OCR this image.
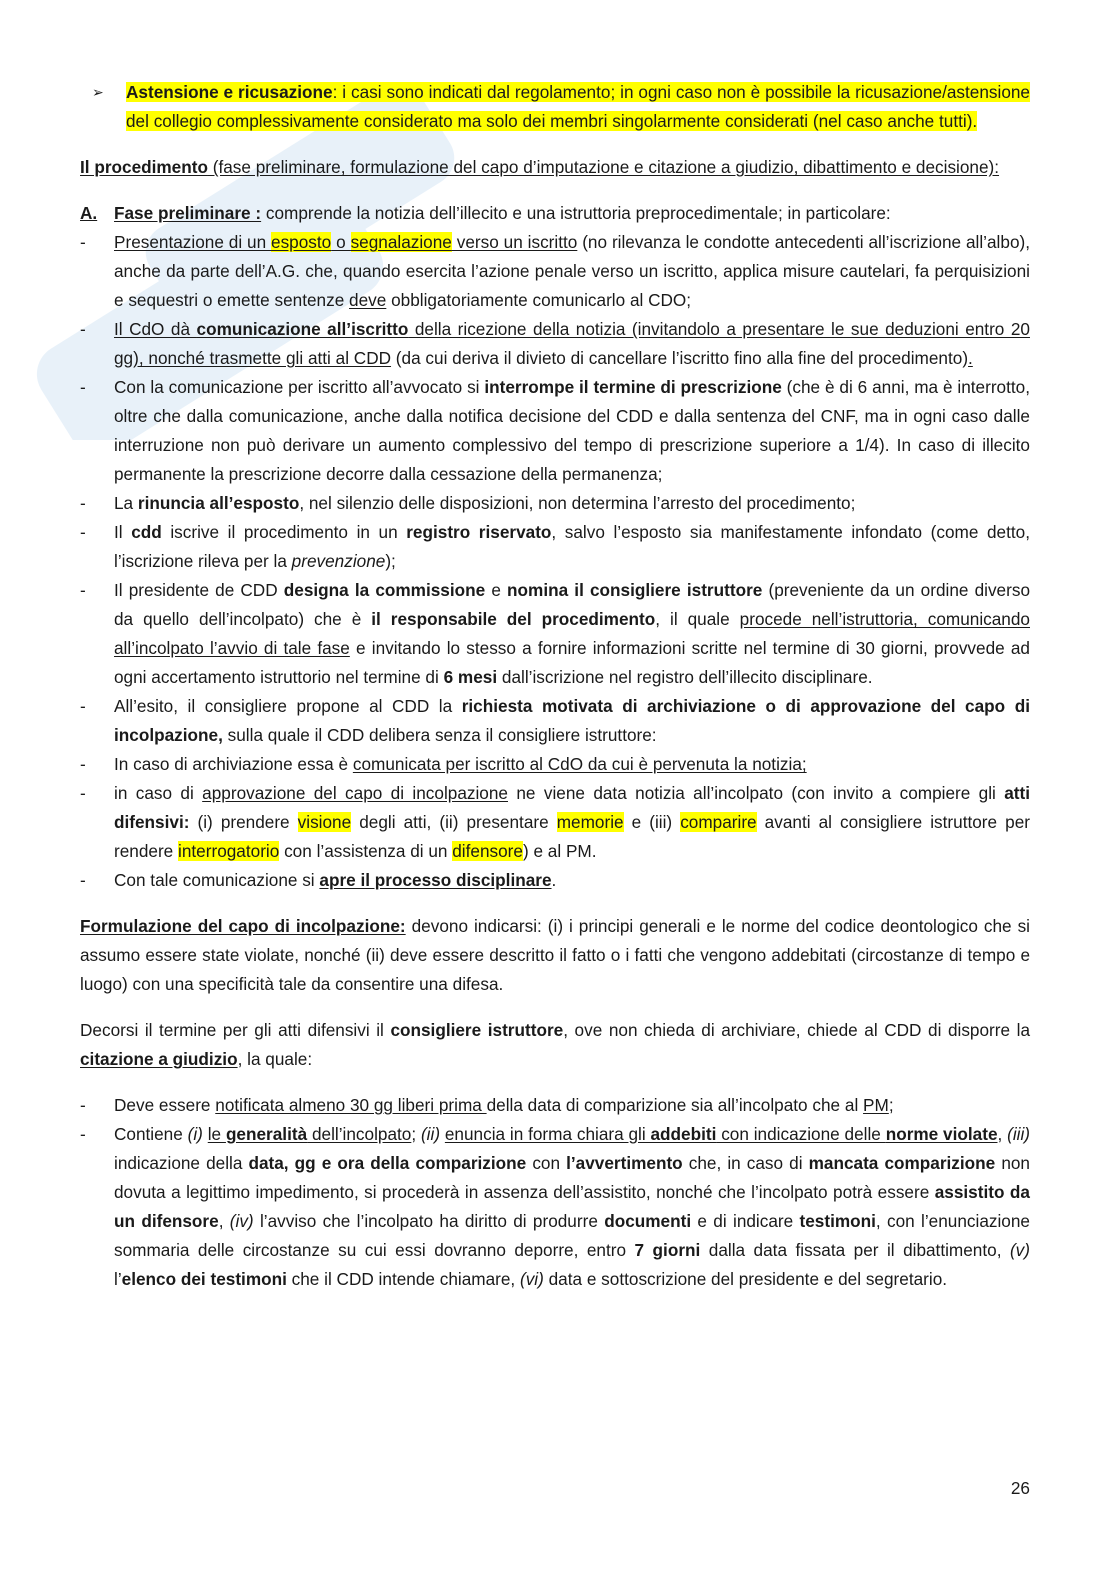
➢	Astensione e ricusazione: i casi sono indicati dal regolamento; in ogni caso non è possibile la ricusazione/astensione del collegio complessivamente considerato ma solo dei membri singolarmente considerati (nel caso anche tutti).

Il procedimento (fase preliminare, formulazione del capo d’imputazione e citazione a giudizio, dibattimento e decisione):

A. Fase preliminare : comprende la notizia dell’illecito e una istruttoria preprocedimentale; in particolare:
-	Presentazione di un esposto o segnalazione verso un iscritto (no rilevanza le condotte antecedenti all’iscrizione all’albo), anche da parte dell’A.G. che, quando esercita l’azione penale verso un iscritto, applica misure cautelari, fa perquisizioni e sequestri o emette sentenze deve obbligatoriamente comunicarlo al CDO;
-	Il CdO dà comunicazione all’iscritto della ricezione della notizia (invitandolo a presentare le sue deduzioni entro 20 gg), nonché trasmette gli atti al CDD (da cui deriva il divieto di cancellare l’iscritto fino alla fine del procedimento).
-	Con la comunicazione per iscritto all’avvocato si interrompe il termine di prescrizione (che è di 6 anni, ma è interrotto, oltre che dalla comunicazione, anche dalla notifica decisione del CDD e dalla sentenza del CNF, ma in ogni caso dalle interruzione non può derivare un aumento complessivo del tempo di prescrizione superiore a 1/4). In caso di illecito permanente la prescrizione decorre dalla cessazione della permanenza;
-	La rinuncia all’esposto, nel silenzio delle disposizioni, non determina l’arresto del procedimento;
-	Il cdd iscrive il procedimento in un registro riservato, salvo l’esposto sia manifestamente infondato (come detto, l’iscrizione rileva per la prevenzione);
-	Il presidente de CDD designa la commissione e nomina il consigliere istruttore (preveniente da un ordine diverso da quello dell’incolpato) che è il responsabile del procedimento, il quale procede nell’istruttoria, comunicando all’incolpato l’avvio di tale fase e invitando lo stesso a fornire informazioni scritte nel termine di 30 giorni, provvede ad ogni accertamento istruttorio nel termine di 6 mesi dall’iscrizione nel registro dell’illecito disciplinare.
-	All’esito, il consigliere propone al CDD la richiesta motivata di archiviazione o di approvazione del capo di incolpazione, sulla quale il CDD delibera senza il consigliere istruttore:
-	In caso di archiviazione essa è comunicata per iscritto al CdO da cui è pervenuta la notizia;
-	in caso di approvazione del capo di incolpazione ne viene data notizia all’incolpato (con invito a compiere gli atti difensivi: (i) prendere visione degli atti, (ii) presentare memorie e (iii) comparire avanti al consigliere istruttore per rendere interrogatorio con l’assistenza di un difensore) e al PM.
-	Con tale comunicazione si apre il processo disciplinare.

Formulazione del capo di incolpazione: devono indicarsi: (i) i principi generali e le norme del codice deontologico che si assumo essere state violate, nonché (ii) deve essere descritto il fatto o i fatti che vengono addebitati (circostanze di tempo e luogo) con una specificità tale da consentire una difesa.

Decorsi il termine per gli atti difensivi il consigliere istruttore, ove non chieda di archiviare, chiede al CDD di disporre la citazione a giudizio, la quale:

-	Deve essere notificata almeno 30 gg liberi prima della data di comparizione sia all’incolpato che al PM;
-	Contiene (i) le generalità dell’incolpato; (ii) enuncia in forma chiara gli addebiti con indicazione delle norme violate, (iii) indicazione della data, gg e ora della comparizione con l’avvertimento che, in caso di mancata comparizione non dovuta a legittimo impedimento, si procederà in assenza dell’assistito, nonché che l’incolpato potrà essere assistito da un difensore, (iv) l’avviso che l’incolpato ha diritto di produrre documenti e di indicare testimoni, con l’enunciazione sommaria delle circostanze su cui essi dovranno deporre, entro 7 giorni dalla data fissata per il dibattimento, (v) l’elenco dei testimoni che il CDD intende chiamare, (vi) data e sottoscrizione del presidente e del segretario.
26
